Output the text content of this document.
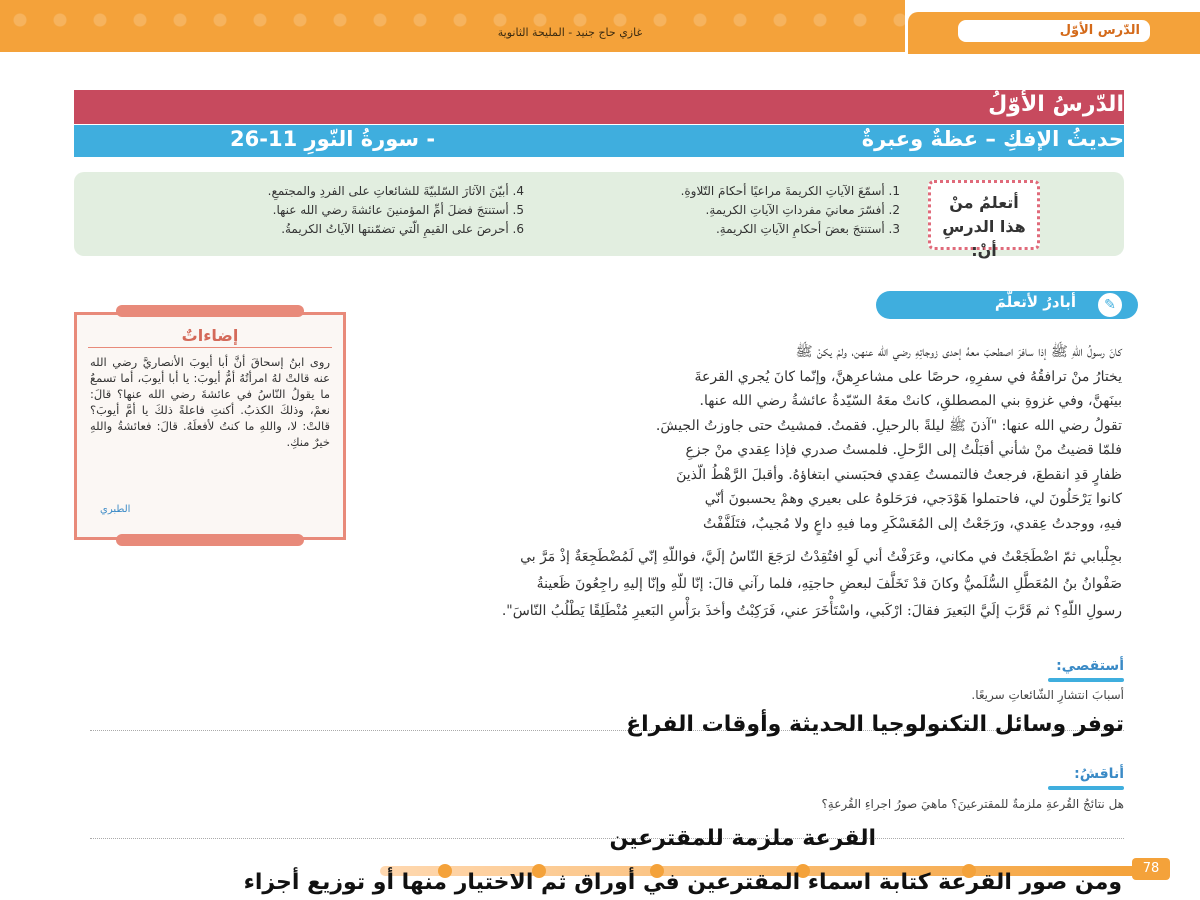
غازي حاج جنيد - المليحة الثانوية	الدّرس الأوّل
الدّرسُ الأوّلُ
حديثُ الإفكِ – عظةٌ وعبرةٌ
- سورةُ النّورِ 11-26
أتعلمُ منْ
هذا الدرسِ أنْ:
1. أسمّعَ الآياتِ الكريمةَ مراعيًا أحكامَ التّلاوةِ.
2. أفسّرَ معانيَ مفرداتِ الآياتِ الكريمةِ.
3. أستنتجَ بعضَ أحكامِ الآياتِ الكريمةِ.
4. أبيّنَ الآثارَ السّلبيّةَ للشائعاتِ على الفردِ والمجتمعِ.
5. أستنتجَ فضلَ أمِّ المؤمنينَ عائشةَ رضي الله عنها.
6. أحرصَ على القيمِ الّتي تضمّنتها الآياتُ الكريمةُ.
أبادرُ لأتعلّمَ	✎
إضاءاتٌ
روى ابنُ إسحاقَ أنَّ أبا أيوبَ الأنصاريَّ رضي الله عنه قالتْ لهُ امرأتُهُ أمُّ أيوبَ: يا أبا أيوبَ، أما تسمعُ ما يقولُ النّاسُ في عائشةَ رضي الله عنها؟ قالَ: نعمْ، وذلكَ الكذبُ. أكنتِ فاعلةً ذلكَ يا أمَّ أيوبَ؟ قالتْ: لا، واللهِ ما كنتُ لأفعلَهُ. قالَ: فعائشةُ واللهِ خيرٌ منكِ.
الطبري
كانَ رسولُ اللّهِ ﷺ إذا سافرَ اصطحبَ معهُ إحدى زوجاتِهِ رضي الله عنهن، ولمْ يكنْ ﷺ
يختارُ منْ ترافقُهُ في سفرِهِ، حرصًا على مشاعرِهنَّ، وإنّما كانَ يُجري القرعةَ
بينَهنَّ، وفي غزوةِ بني المصطلقِ، كانتْ معَهُ السّيّدةُ عائشةُ رضي الله عنها.
تقولُ رضي الله عنها: "آذنَ ﷺ ليلةً بالرحيلِ. فقمتُ. فمشيتُ حتى جاوزتُ الجيشَ.
فلمّا قضيتُ منْ شأني أقبَلْتُ إلى الرَّحلِ. فلمستُ صدري فإذا عِقدي منْ جزعِ
ظفارٍ قدِ انقطعَ، فرجعتُ فالتمستُ عِقدي فحبَسني ابتغاؤهُ. وأقبلَ الرَّهْطُ الّذينَ
كانوا يَرْحَلُونَ لي، فاحتملوا هَوْدَجي، فرَحَلوهُ على بعيري وهمْ يحسبونَ أنّي
فيهِ، ووجدتُ عِقدي، ورَجَعْتُ إلى المُعَسْكَرِ وما فيهِ داعٍ ولا مُجيبٌ، فتَلَفَّفْتُ
بجِلْبابي ثمّ اضْطَجَعْتُ في مكاني، وعَرَفْتُ أني لَوِ افتُقِدْتُ لرَجَعَ النّاسُ إلَيَّ، فواللّهِ إنّي لَمُضْطَجِعَةٌ إذْ مَرَّ بي
صَفْوانُ بنُ المُعَطَّلِ السُّلَميُّ وكانَ قدْ تَخَلَّفَ لبعضِ حاجتِهِ، فلما رآني قالَ: إنّا للّهِ وإنّا إليهِ راجِعُونَ ظَعينةُ
رسولِ اللّهِ؟ ثم قَرَّبَ إلَيَّ البَعيرَ فقالَ: ارْكَبي، واسْتَأْخَرَ عني، فَرَكِبْتُ وأخذَ برَأْسِ البَعيرِ مُنْطَلِقًا يَطْلُبُ النّاسَ".
أستقصي:
أسبابَ انتشارِ الشّائعاتِ سريعًا.
توفر وسائل التكنولوجيا الحديثة وأوقات الفراغ
أناقشُ:
هل نتائجُ القُرعةِ ملزمةٌ للمقترعينَ؟ ماهيَ صورُ اجراءِ القُرعةِ؟
القرعة ملزمة للمقترعين
78
ومن صور القرعة كتابة اسماء المقترعين في أوراق ثم الاختيار منها أو توزيع أجزاء
